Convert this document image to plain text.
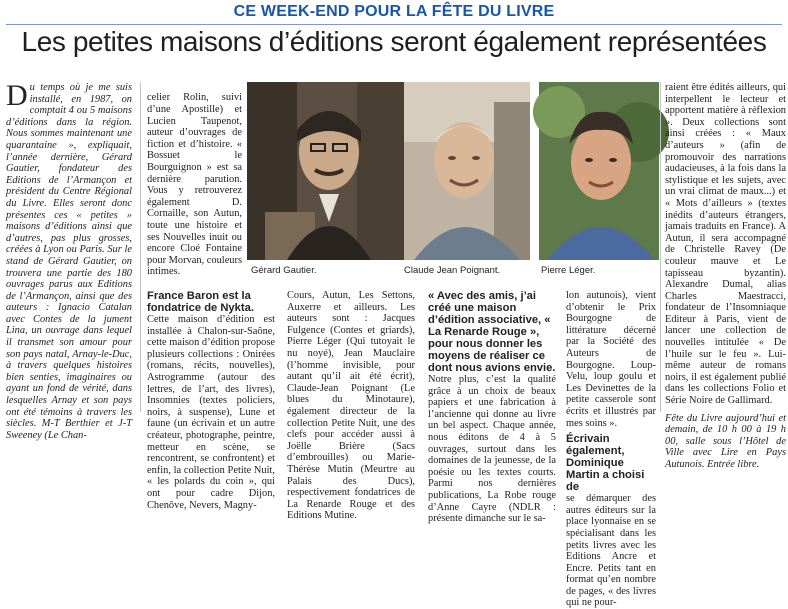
CE WEEK-END POUR LA FÊTE DU LIVRE
Les petites maisons d’éditions seront également représentées

Du temps où je me suis installé, en 1987, on comptait 4 ou 5 maisons d’éditions dans la région. Nous sommes maintenant une quarantaine », expliquait, l’année dernière, Gérard Gautier, fondateur des Editions de l’Armançon et président du Centre Régional du Livre. Elles seront donc présentes ces « petites » maisons d’éditions ainsi que d’autres, pas plus grosses, créées à Lyon ou Paris. Sur le stand de Gérard Gautier, on trouvera une partie des 180 ouvrages parus aux Editions de l’Armançon, ainsi que des auteurs : Ignacio Catalan avec Contes de la jument Lina, un ouvrage dans lequel il transmet son amour pour son pays natal, Arnay-le-Duc, à travers quelques histoires bien senties, imaginaires ou ayant un fond de vérité, dans lesquelles Arnay et son pays ont été témoins à travers les siècles. M-T Berthier et J-T Sweeney (Le Chan-

celier Rolin, suivi d’une Apostille) et Lucien Taupenot, auteur d’ouvrages de fiction et d’histoire. « Bossuet le Bourguignon » est sa dernière parution. Vous y retrouverez également D. Cornaille, son Autun, toute une histoire et ses Nouvelles inuit ou encore Cloé Fontaine pour Morvan, couleurs intimes.	Gérard Gautier.	Claude Jean Poignant.	Pierre Léger.

France Baron est la fondatrice de Nykta.

Cette maison d’édition est installée à Chalon-sur-Saône, cette maison d’édition propose plusieurs collections : Onirées (romans, récits, nouvelles), Astrogramme (autour des lettres, de l’art, des livres), Insomnies (textes policiers, noirs, à suspense), Lune et faune (un écrivain et un autre créateur, photographe, peintre, metteur en scène, se rencontrent, se confrontent) et enfin, la collection Petite Nuit, « les polards du coin », qui ont pour cadre Dijon, Chenôve, Nevers, Magny-

Cours, Autun, Les Settons, Auxerre et ailleurs. Les auteurs sont : Jacques Fulgence (Contes et griards), Pierre Léger (Qui tutoyait le nu noyé), Jean Mauclaire (l’homme invisible, pour autant qu’il ait été écrit), Claude-Jean Poignant (Le blues du Minotaure), également directeur de la collection Petite Nuit, une des clefs pour accéder aussi à Joëlle Brière (Sacs d’embrouilles) ou Marie-Thérèse Mutin (Meurtre au Palais des Ducs), respectivement fondatrices de La Renarde Rouge et des Editions Mutine.

« Avec des amis, j’ai créé une maison d’édition associative, « La Renarde Rouge », pour nous donner les moyens de réaliser ce dont nous avions envie.

Notre plus, c’est la qualité grâce à un choix de beaux papiers et une fabrication à l’ancienne qui donne au livre un bel aspect. Chaque année, nous éditons de 4 à 5 ouvrages, surtout dans les domaines de la jeunesse, de la poésie ou les textes courts. Parmi nos dernières publications, La Robe rouge d’Anne Cayre (NDLR : présente dimanche sur le sa-

lon autunois), vient d’obtenir le Prix Bourgogne de littérature décerné par la Société des Auteurs de Bourgogne. Loup-Velu, loup goulu et Les Devinettes de la petite casserole sont écrits et illustrés par mes soins ».

Écrivain également, Dominique Martin a choisi de

se démarquer des autres éditeurs sur la place lyonnaise en se spécialisant dans les petits livres avec les Editions Ancre et Encre. Petits tant en format qu’en nombre de pages, « des livres qui ne pour-

raient être édités ailleurs, qui interpellent le lecteur et apportent matière à réflexion ». Deux collections sont ainsi créées : « Maux d’auteurs » (afin de promouvoir des narrations audacieuses, à la fois dans la stylistique et les sujets, avec un vrai climat de maux...) et « Mots d’ailleurs » (textes inédits d’auteurs étrangers, jamais traduits en France). A Autun, il sera accompagné de Christelle Ravey (De couleur mauve et Le tapisseau byzantin). Alexandre Dumal, alias Charles Maestracci, fondateur de l’Insomniaque Editeur à Paris, vient de lancer une collection de nouvelles intitulée « De l’huile sur le feu ». Lui-même auteur de romans noirs, il est également publié dans les collections Folio et Série Noire de Gallimard.

Fête du Livre aujourd’hui et demain, de 10 h 00 à 19 h 00, salle sous l’Hôtel de Ville avec Lire en Pays Autunois. Entrée libre.
